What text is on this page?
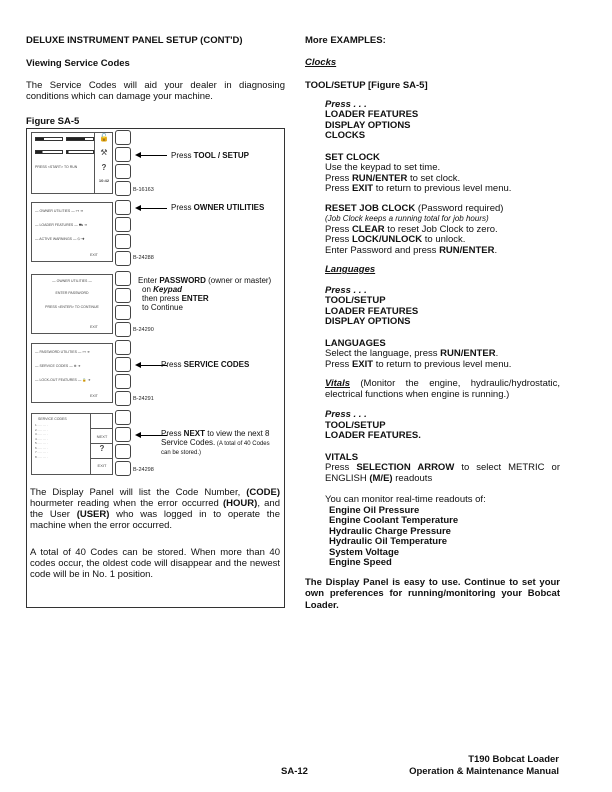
DELUXE INSTRUMENT PANEL SETUP (CONT'D)
Viewing Service Codes
The Service Codes will aid your dealer in diagnosing conditions which can damage your machine.
Figure SA-5
PRESS <START> TO RUN
🔓
⚒
?
10:42
B-16163
Press TOOL / SETUP
— OWNER UTILITIES — ⊶ ➜
— LOADER FEATURES — ⛟ ➜
— ACTIVE WARNINGS — ⏻ ➜
EXIT	B-24288
Press OWNER UTILITIES
— OWNER UTILITIES —
ENTER PASSWORD
PRESS <ENTER> TO CONTINUE
EXIT	B-24290
Enter PASSWORD (owner or master)
on Keypad
then press ENTER
to Continue
— PASSWORD UTILITIES — ⊶ ➜
— SERVICE CODES — ⊕ ➜
— LOCK-OUT FEATURES — 🔒 ➜
EXIT	B-24291
Press SERVICE CODES
SERVICE CODES
1. ···· ··· ·
2. ···· ··· ·
3. ···· ··· ·
4. ···· ··· ·
5. ···· ··· ·
6. ···· ··· ·
7. ···· ··· ·
8. ···· ··· ·
NEXT
?
EXIT
B-24298
Press NEXT to view the next 8
Service Codes. (A total of 40 Codes
can be stored.)
The Display Panel will list the Code Number, (CODE) hourmeter reading when the error occurred (HOUR), and the User (USER) who was logged in to operate the machine when the error occurred.
A total of 40 Codes can be stored. When more than 40 codes occur, the oldest code will disappear and the newest code will be in No. 1 position.
More EXAMPLES:
Clocks
TOOL/SETUP [Figure SA-5]
Press . . .
LOADER FEATURES
DISPLAY OPTIONS
CLOCKS
SET CLOCK
Use the keypad to set time.
Press RUN/ENTER to set clock.
Press EXIT to return to previous level menu.
RESET JOB CLOCK (Password required)
(Job Clock keeps a running total for job hours)
Press CLEAR to reset Job Clock to zero.
Press LOCK/UNLOCK to unlock.
Enter Password and press RUN/ENTER.
Languages
Press . . .
TOOL/SETUP
LOADER FEATURES
DISPLAY OPTIONS
LANGUAGES
Select the language, press RUN/ENTER.
Press EXIT to return to previous level menu.
Vitals (Monitor the engine, hydraulic/hydrostatic, electrical functions when engine is running.)
Press . . .
TOOL/SETUP
LOADER FEATURES.
VITALS
Press SELECTION ARROW to select METRIC or ENGLISH (M/E) readouts
You can monitor real-time readouts of:
Engine Oil Pressure
Engine Coolant Temperature
Hydraulic Charge Pressure
Hydraulic Oil Temperature
System Voltage
Engine Speed
The Display Panel is easy to use. Continue to set your own preferences for running/monitoring your Bobcat Loader.
SA-12
T190 Bobcat Loader
Operation & Maintenance Manual
